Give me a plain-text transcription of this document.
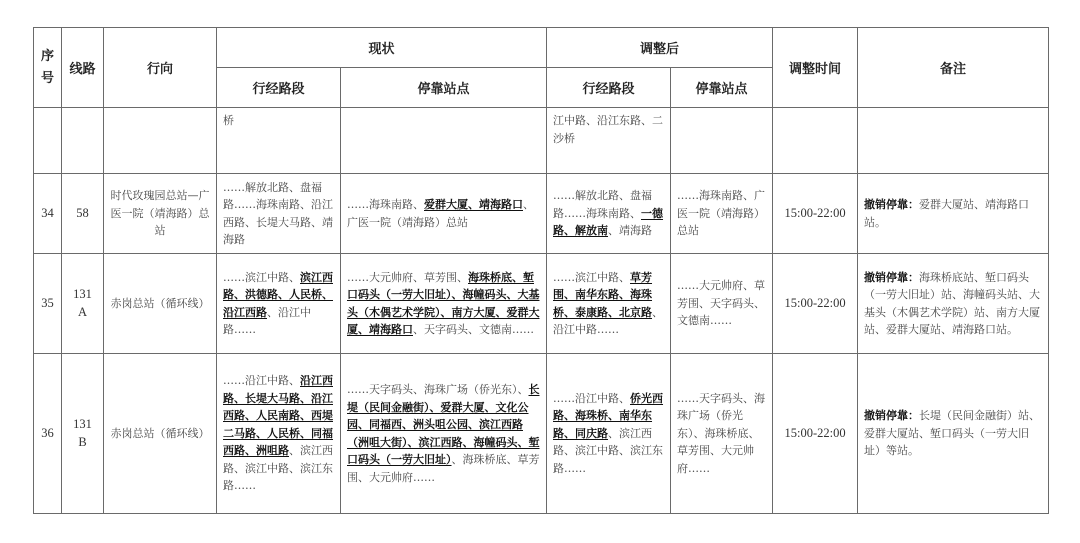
序号	线路	行向	现状		调整后		调整时间	备注
			行经路段	停靠站点	行经路段	停靠站点		

			桥		江中路、沿江东路、二沙桥			

34	58	时代玫瑰园总站—广医一院（靖海路）总站	……解放北路、盘福路……海珠南路、沿江西路、长堤大马路、靖海路	……海珠南路、爱群大厦、靖海路口、广医一院（靖海路）总站	……解放北路、盘福路……海珠南路、一德路、解放南、靖海路	……海珠南路、广医一院（靖海路）总站	15:00-22:00	撤销停靠：爱群大厦站、靖海路口站。

35	131
A	赤岗总站（循环线）	……滨江中路、滨江西路、洪德路、人民桥、沿江西路、沿江中路……	……大元帅府、草芳围、海珠桥底、堑口码头（一劳大旧址）、海幢码头、大基头（木偶艺术学院）、南方大厦、爱群大厦、靖海路口、天字码头、文德南……	……滨江中路、草芳围、南华东路、海珠桥、泰康路、北京路、沿江中路……	……大元帅府、草芳围、天字码头、文德南……	15:00-22:00	撤销停靠：海珠桥底站、堑口码头（一劳大旧址）站、海幢码头站、大基头（木偶艺术学院）站、南方大厦站、爱群大厦站、靖海路口站。

36	131
B	赤岗总站（循环线）	……沿江中路、沿江西路、长堤大马路、沿江西路、人民南路、西堤二马路、人民桥、同福西路、洲咀路、滨江西路、滨江中路、滨江东路……	……天字码头、海珠广场（侨光东）、长堤（民间金融街）、爱群大厦、文化公园、同福西、洲头咀公园、滨江西路（洲咀大街）、滨江西路、海幢码头、堑口码头（一劳大旧址）、海珠桥底、草芳围、大元帅府……	……沿江中路、侨光西路、海珠桥、南华东路、同庆路、滨江西路、滨江中路、滨江东路……	……天字码头、海珠广场（侨光东）、海珠桥底、草芳围、大元帅府……	15:00-22:00	撤销停靠：长堤（民间金融街）站、爱群大厦站、堑口码头（一劳大旧址）等站。
